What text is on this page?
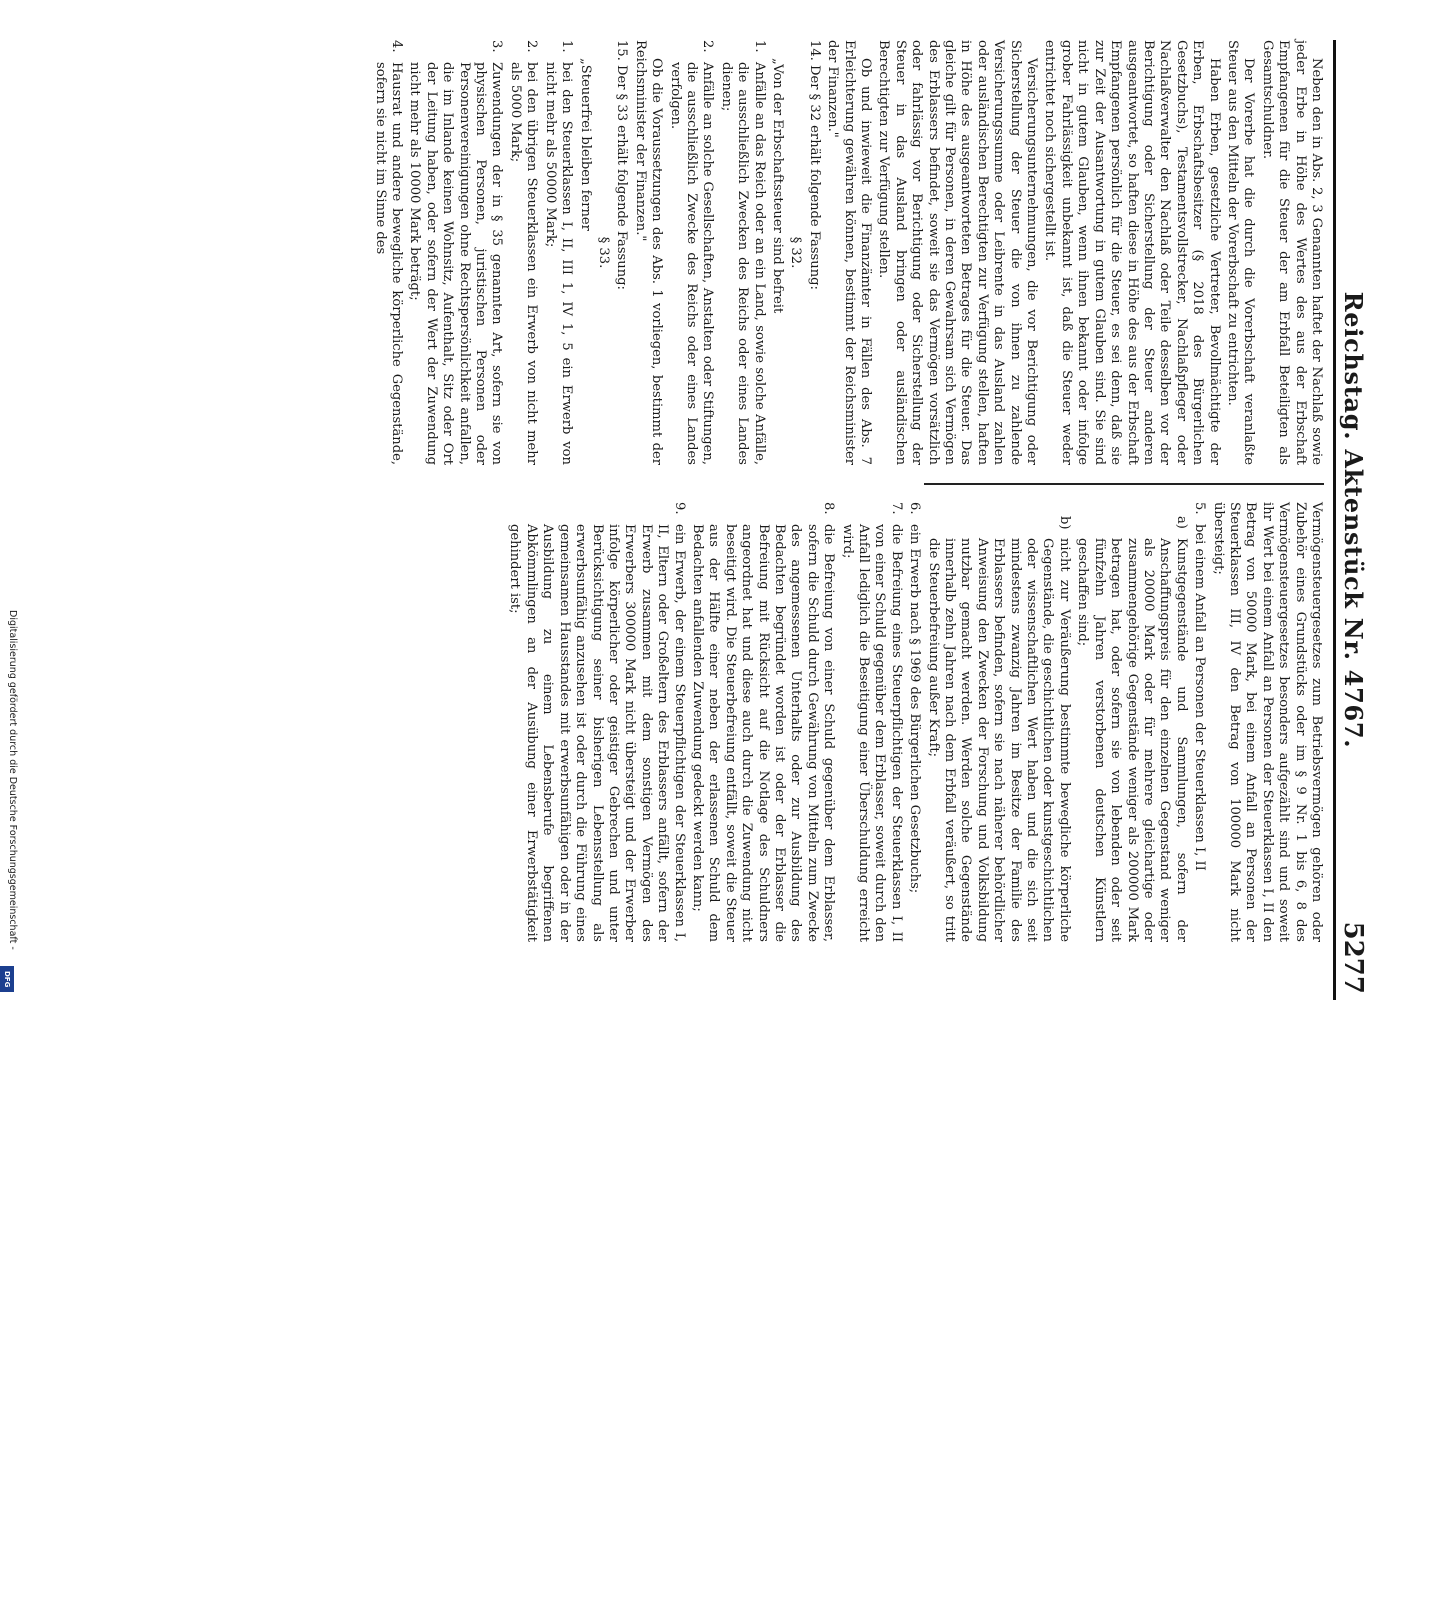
Reichstag. Aktenstück Nr. 4767.
5277

Neben den in Abs. 2, 3 Genannten haftet der Nachlaß sowie jeder Erbe in Höhe des Wertes des aus der Erbschaft Empfangenen für die Steuer der am Erbfall Beteiligten als Gesamtschuldner.

Der Vorerbe hat die durch die Vorerbschaft veranlaßte Steuer aus den Mitteln der Vorerbschaft zu entrichten.

Haben Erben, gesetzliche Vertreter, Bevollmächtigte der Erben, Erbschaftsbesitzer (§ 2018 des Bürgerlichen Gesetzbuchs), Testamentsvollstrecker, Nachlaßpfleger oder Nachlaßverwalter den Nachlaß oder Teile desselben vor der Berichtigung oder Sicherstellung der Steuer anderen ausgeantwortet, so haften diese in Höhe des aus der Erbschaft Empfangenen persönlich für die Steuer, es sei denn, daß sie zur Zeit der Ausantwortung in gutem Glauben sind. Sie sind nicht in gutem Glauben, wenn ihnen bekannt oder infolge grober Fahrlässigkeit unbekannt ist, daß die Steuer weder entrichtet noch sichergestellt ist.

Versicherungsunternehmungen, die vor Berichtigung oder Sicherstellung der Steuer die von ihnen zu zahlende Versicherungssumme oder Leibrente in das Ausland zahlen oder ausländischen Berechtigten zur Verfügung stellen, haften in Höhe des ausgeantworteten Betrages für die Steuer. Das gleiche gilt für Personen, in deren Gewahrsam sich Vermögen des Erblassers befindet, soweit sie das Vermögen vorsätzlich oder fahrlässig vor Berichtigung oder Sicherstellung der Steuer in das Ausland bringen oder ausländischen Berechtigten zur Verfügung stellen.

Ob und inwieweit die Finanzämter in Fällen des Abs. 7 Erleichterung gewähren können, bestimmt der Reichsminister der Finanzen."

14. Der § 32 erhält folgende Fassung:

§ 32.

„Von der Erbschaftssteuer sind befreit

1.
Anfälle an das Reich oder an ein Land, sowie solche Anfälle, die ausschließlich Zwecken des Reichs oder eines Landes dienen;
2.
Anfälle an solche Gesellschaften, Anstalten oder Stiftungen, die ausschließlich Zwecke des Reichs oder eines Landes verfolgen.

Ob die Voraussetzungen des Abs. 1 vorliegen, bestimmt der Reichsminister der Finanzen."

15. Der § 33 erhält folgende Fassung:

§ 33.

„Steuerfrei bleiben ferner

1.
bei den Steuerklassen I, II, III 1, IV 1, 5 ein Erwerb von nicht mehr als 50000 Mark;
2.
bei den übrigen Steuerklassen ein Erwerb von nicht mehr als 5000 Mark;
3.
Zuwendungen der in § 35 genannten Art, sofern sie von physischen Personen, juristischen Personen oder Personenvereinigungen ohne Rechtspersönlichkeit anfallen, die im Inlande keinen Wohnsitz, Aufenthalt, Sitz oder Ort der Leitung haben, oder sofern der Wert der Zuwendung nicht mehr als 10000 Mark beträgt;
4.
Hausrat und andere bewegliche körperliche Gegenstände, sofern sie nicht im Sinne des

Vermögensteuergesetzes zum Betriebsvermögen gehören oder Zubehör eines Grundstücks oder im § 9 Nr. 1 bis 6, 8 des Vermögensteuergesetzes besonders aufgezählt sind und soweit ihr Wert bei einem Anfall an Personen der Steuerklassen I, II den Betrag von 50000 Mark, bei einem Anfall an Personen der Steuerklassen III, IV den Betrag von 100000 Mark nicht übersteigt;

5.
bei einem Anfall an Personen der Steuerklassen I, II
a)
Kunstgegenstände und Sammlungen, sofern der Anschaffungspreis für den einzelnen Gegenstand weniger als 20000 Mark oder für mehrere gleichartige oder zusammengehörige Gegenstände weniger als 200000 Mark betragen hat, oder sofern sie von lebenden oder seit fünfzehn Jahren verstorbenen deutschen Künstlern geschaffen sind;
b)
nicht zur Veräußerung bestimmte bewegliche körperliche Gegenstände, die geschichtlichen oder kunstgeschichtlichen oder wissenschaftlichen Wert haben und die sich seit mindestens zwanzig Jahren im Besitze der Familie des Erblassers befinden, sofern sie nach näherer behördlicher Anweisung den Zwecken der Forschung und Volksbildung nutzbar gemacht werden. Werden solche Gegenstände innerhalb zehn Jahren nach dem Erbfall veräußert, so tritt die Steuerbefreiung außer Kraft;
6.
ein Erwerb nach § 1969 des Bürgerlichen Gesetzbuchs;
7.
die Befreiung eines Steuerpflichtigen der Steuerklassen I, II von einer Schuld gegenüber dem Erblasser, soweit durch den Anfall lediglich die Beseitigung einer Überschuldung erreicht wird;
8.
die Befreiung von einer Schuld gegenüber dem Erblasser, sofern die Schuld durch Gewährung von Mitteln zum Zwecke des angemessenen Unterhalts oder zur Ausbildung des Bedachten begründet worden ist oder der Erblasser die Befreiung mit Rücksicht auf die Notlage des Schuldners angeordnet hat und diese auch durch die Zuwendung nicht beseitigt wird. Die Steuerbefreiung entfällt, soweit die Steuer aus der Hälfte einer neben der erlassenen Schuld dem Bedachten anfallenden Zuwendung gedeckt werden kann;
9.
ein Erwerb, der einem Steuerpflichtigen der Steuerklassen I, II, Eltern oder Großeltern des Erblassers anfällt, sofern der Erwerb zusammen mit dem sonstigen Vermögen des Erwerbers 300000 Mark nicht übersteigt und der Erwerber infolge körperlicher oder geistiger Gebrechen und unter Berücksichtigung seiner bisherigen Lebensstellung als erwerbsunfähig anzusehen ist oder durch die Führung eines gemeinsamen Hausstandes mit erwerbsunfähigen oder in der Ausbildung zu einem Lebensberufe begriffenen Abkömmlingen an der Ausübung einer Erwerbstätigkeit gehindert ist;
Digitalisierung gefördert durch die Deutsche Forschungsgemeinschaft -
DFG
